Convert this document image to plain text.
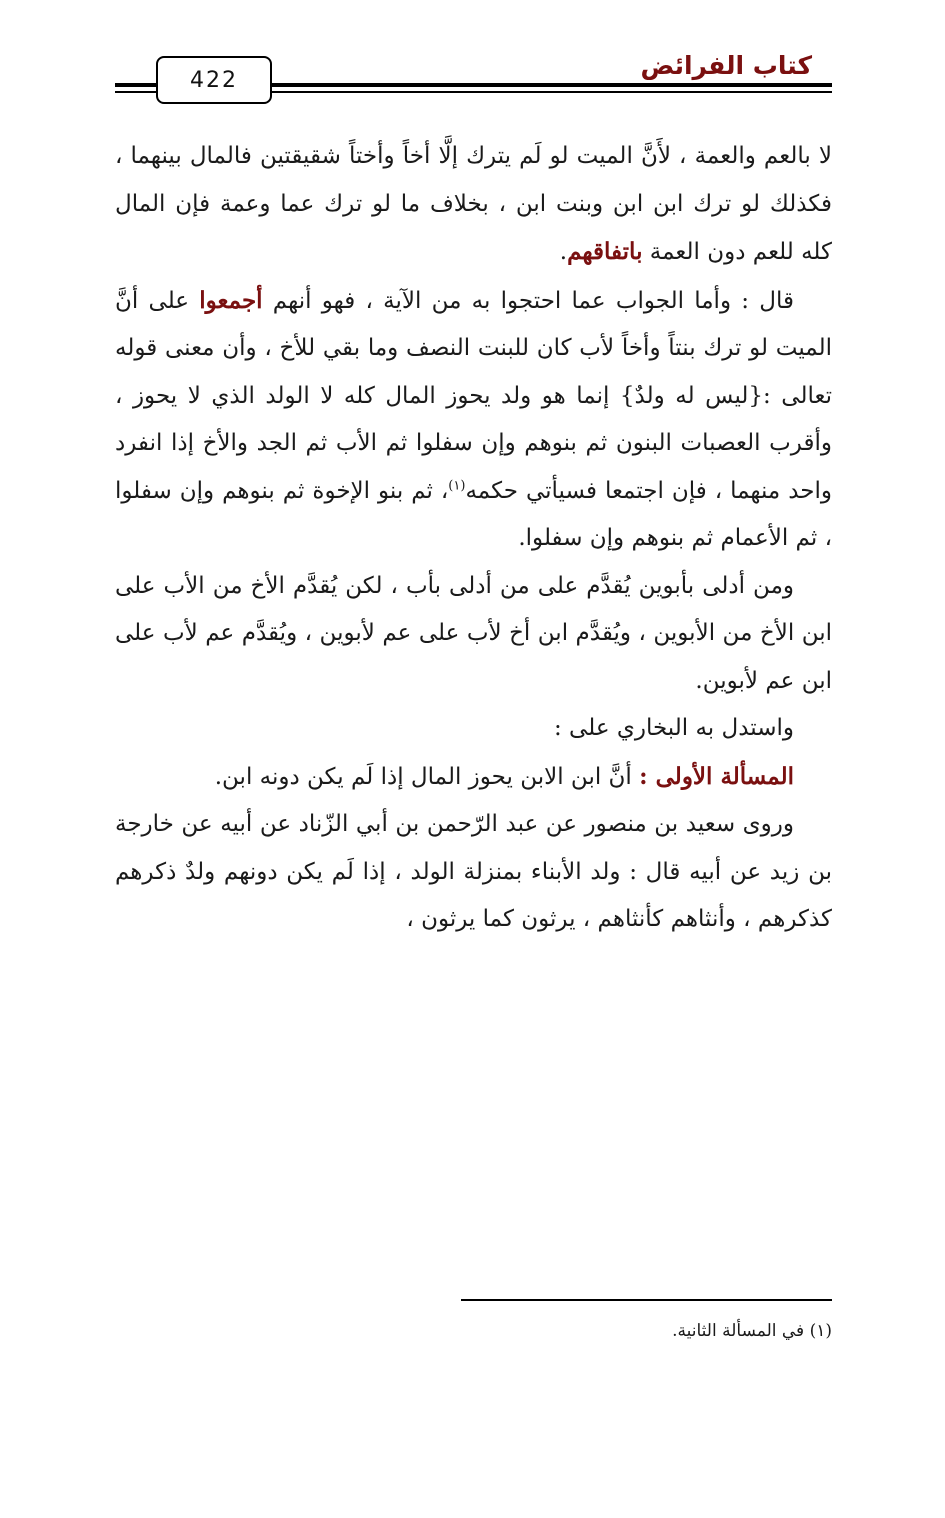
422	كتاب الفرائض

لا بالعم والعمة ، لأَنَّ الميت لو لَم يترك إلَّا أخاً وأختاً شقيقتين فالمال بينهما ، فكذلك لو ترك ابن ابن وبنت ابن ، بخلاف ما لو ترك عما وعمة فإن المال كله للعم دون العمة باتفاقهم.

قال : وأما الجواب عما احتجوا به من الآية ، فهو أنهم أجمعوا على أنَّ الميت لو ترك بنتاً وأخاً لأب كان للبنت النصف وما بقي للأخ ، وأن معنى قوله تعالى :{ليس له ولدٌ} إنما هو ولد يحوز المال كله لا الولد الذي لا يحوز ، وأقرب العصبات البنون ثم بنوهم وإن سفلوا ثم الأب ثم الجد والأخ إذا انفرد واحد منهما ، فإن اجتمعا فسيأتي حكمه$^{(١)}$، ثم بنو الإخوة ثم بنوهم وإن سفلوا ، ثم الأعمام ثم بنوهم وإن سفلوا.

ومن أدلى بأبوين يُقدَّم على من أدلى بأب ، لكن يُقدَّم الأخ من الأب على ابن الأخ من الأبوين ، ويُقدَّم ابن أخ لأب على عم لأبوين ، ويُقدَّم عم لأب على ابن عم لأبوين.

واستدل به البخاري على :

المسألة الأولى : أنَّ ابن الابن يحوز المال إذا لَم يكن دونه ابن.

وروى سعيد بن منصور عن عبد الرّحمن بن أبي الزّناد عن أبيه عن خارجة بن زيد عن أبيه قال : ولد الأبناء بمنزلة الولد ، إذا لَم يكن دونهم ولدٌ ذكرهم كذكرهم ، وأنثاهم كأنثاهم ، يرثون كما يرثون ،

(١) في المسألة الثانية.
